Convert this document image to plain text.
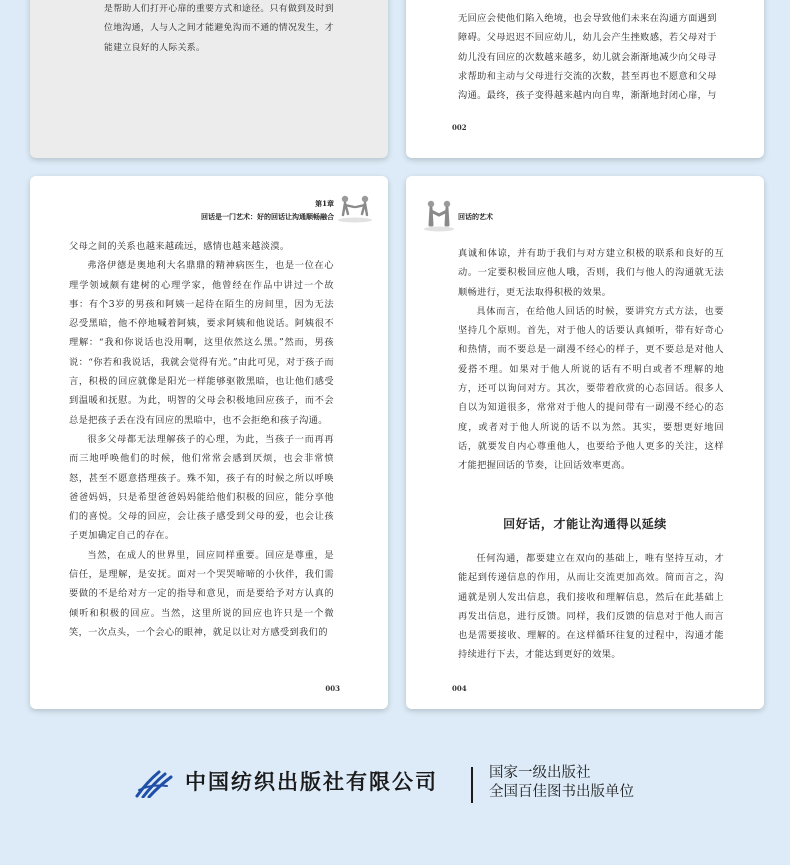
是帮助人们打开心扉的重要方式和途径。只有做到及时到

位地沟通，人与人之间才能避免沟而不通的情况发生，才

能建立良好的人际关系。

无回应会使他们陷入绝境，也会导致他们未来在沟通方面遇到

障碍。父母迟迟不回应幼儿，幼儿会产生挫败感，若父母对于

幼儿没有回应的次数越来越多，幼儿就会渐渐地减少向父母寻

求帮助和主动与父母进行交流的次数，甚至再也不愿意和父母

沟通。最终，孩子变得越来越内向自卑，渐渐地封闭心扉，与

002
第1章
回话是一门艺术：好的回话让沟通顺畅融合

父母之间的关系也越来越疏远，感情也越来越淡漠。

弗洛伊德是奥地利大名鼎鼎的精神病医生，也是一位在心理学领域颇有建树的心理学家，他曾经在作品中讲过一个故事：有个3岁的男孩和阿姨一起待在陌生的房间里，因为无法忍受黑暗，他不停地喊着阿姨，要求阿姨和他说话。阿姨很不理解：“我和你说话也没用啊，这里依然这么黑。”然而，男孩说：“你若和我说话，我就会觉得有光。”由此可见，对于孩子而言，积极的回应就像是阳光一样能够驱散黑暗，也让他们感受到温暖和抚慰。为此，明智的父母会积极地回应孩子，而不会总是把孩子丢在没有回应的黑暗中，也不会拒绝和孩子沟通。

很多父母都无法理解孩子的心理，为此，当孩子一而再再而三地呼唤他们的时候，他们常常会感到厌烦，也会非常愤怒，甚至不愿意搭理孩子。殊不知，孩子有的时候之所以呼唤爸爸妈妈，只是希望爸爸妈妈能给他们积极的回应，能分享他们的喜悦。父母的回应，会让孩子感受到父母的爱，也会让孩子更加确定自己的存在。

当然，在成人的世界里，回应同样重要。回应是尊重，是信任，是理解，是安抚。面对一个哭哭啼啼的小伙伴，我们需要做的不是给对方一定的指导和意见，而是要给予对方认真的倾听和积极的回应。当然，这里所说的回应也许只是一个微笑，一次点头，一个会心的眼神，就足以让对方感受到我们的

003
回话的艺术

真诚和体谅，并有助于我们与对方建立积极的联系和良好的互动。一定要积极回应他人哦，否则，我们与他人的沟通就无法顺畅进行，更无法取得积极的效果。

具体而言，在给他人回话的时候，要讲究方式方法，也要坚持几个原则。首先，对于他人的话要认真倾听，带有好奇心和热情，而不要总是一副漫不经心的样子，更不要总是对他人爱搭不理。如果对于他人所说的话有不明白或者不理解的地方，还可以询问对方。其次，要带着欣赏的心态回话。很多人自以为知道很多，常常对于他人的提问带有一副漫不经心的态度，或者对于他人所说的话不以为然。其实，要想更好地回话，就要发自内心尊重他人，也要给予他人更多的关注，这样才能把握回话的节奏，让回话效率更高。

回好话，才能让沟通得以延续

任何沟通，都要建立在双向的基础上，唯有坚持互动，才能起到传递信息的作用，从而让交流更加高效。简而言之，沟通就是别人发出信息，我们接收和理解信息，然后在此基础上再发出信息，进行反馈。同样，我们反馈的信息对于他人而言也是需要接收、理解的。在这样循环往复的过程中，沟通才能持续进行下去，才能达到更好的效果。

004
中国纺织出版社有限公司	国家一级出版社
全国百佳图书出版单位
